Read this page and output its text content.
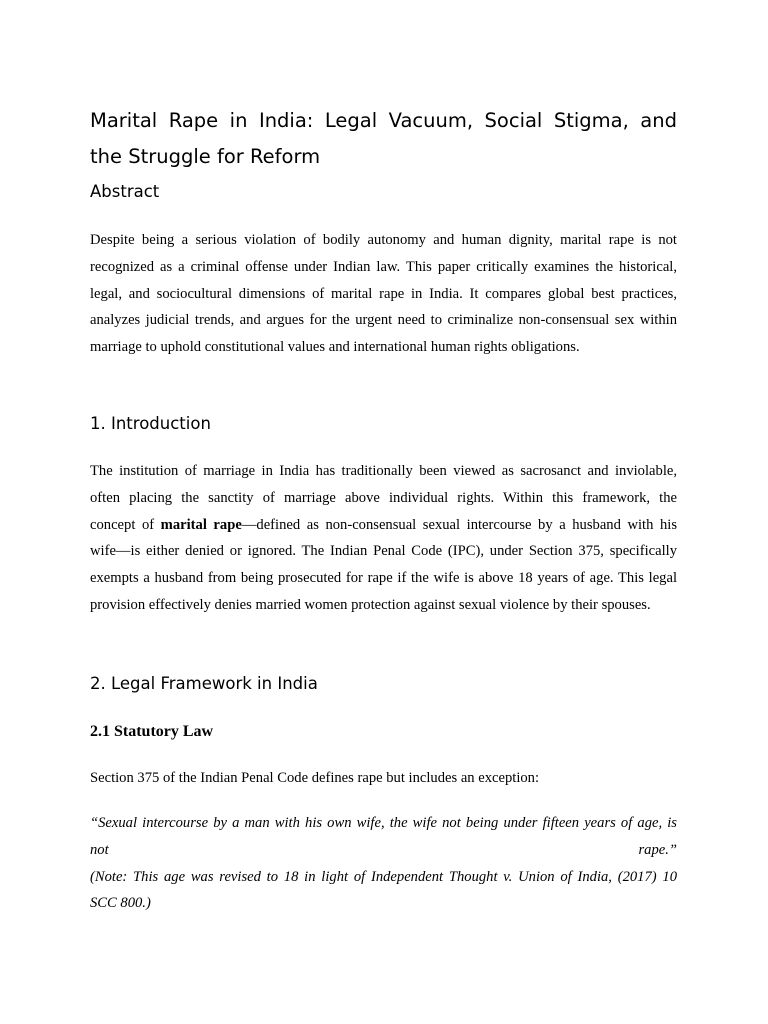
Marital Rape in India: Legal Vacuum, Social Stigma, and
the Struggle for Reform
Abstract

Despite being a serious violation of bodily autonomy and human dignity, marital rape is not
recognized as a criminal offense under Indian law. This paper critically examines the historical,
legal, and sociocultural dimensions of marital rape in India. It compares global best practices,
analyzes judicial trends, and argues for the urgent need to criminalize non-consensual sex within
marriage to uphold constitutional values and international human rights obligations.

1. Introduction

The institution of marriage in India has traditionally been viewed as sacrosanct and inviolable,
often placing the sanctity of marriage above individual rights. Within this framework, the
concept of marital rape—defined as non-consensual sexual intercourse by a husband with his
wife—is either denied or ignored. The Indian Penal Code (IPC), under Section 375, specifically
exempts a husband from being prosecuted for rape if the wife is above 18 years of age. This legal
provision effectively denies married women protection against sexual violence by their spouses.

2. Legal Framework in India
2.1 Statutory Law

Section 375 of the Indian Penal Code defines rape but includes an exception:

“Sexual intercourse by a man with his own wife, the wife not being under fifteen years of age, is
not	rape.”
(Note: This age was revised to 18 in light of Independent Thought v. Union of India, (2017) 10
SCC 800.)
